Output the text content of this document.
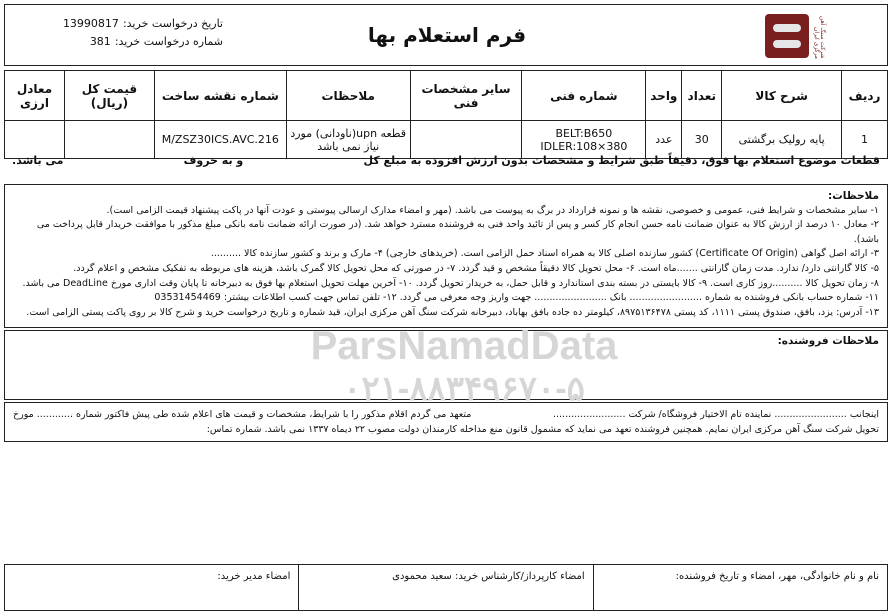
شرکت سنگ آهن مرکزی ایران
فرم استعلام بها
تاریخ درخواست خرید:
13990817
شماره درخواست خرید:
381
ردیف	شرح کالا	تعداد	واحد	شماره فنی	سایر مشخصات فنی	ملاحظات	شماره نقشه ساخت	قیمت کل (ریال)	معادل ارزی
1	پایه رولیک برگشتی	30	عدد	BELT:B650
IDLER:108×380		قطعه upn(ناودانی) مورد نیاز نمی باشد	M/ZSZ30‌ICS.AVC.216		
قطعات موضوع استعلام بها فوق، دقیقاً طبق شرایط و مشخصات بدون ارزش افزوده به مبلغ کل
و به حروف
می باشد.
ملاحظات:
۱- سایر مشخصات و شرایط فنی، عمومی و خصوصی، نقشه ها و نمونه قرارداد در برگ به پیوست می باشد. (مهر و امضاء مدارک ارسالی پیوستی و عودت آنها در پاکت پیشنهاد قیمت الزامی است).
۲- معادل ۱۰ درصد از ارزش کالا به عنوان ضمانت نامه حسن انجام کار کسر و پس از تائید واحد فنی به فروشنده مسترد خواهد شد. (در صورت ارائه ضمانت نامه بانکی مبلغ مذکور با موافقت خریدار قابل پرداخت می باشد).
۳- ارائه اصل گواهی (Certificate Of Origin) کشور سازنده اصلی کالا به همراه اسناد حمل الزامی است. (خریدهای خارجی) ۴- مارک و برند و کشور سازنده کالا ..........
۵- کالا گارانتی دارد/ ندارد. مدت زمان گارانتی .......ماه است. ۶- محل تحویل کالا دقیقاً مشخص و قید گردد. ۷- در صورتی که محل تحویل کالا گمرک باشد، هزینه های مربوطه به تفکیک مشخص و اعلام گردد.
۸- زمان تحویل کالا ..........روز کاری است. ۹- کالا بایستی در بسته بندی استاندارد و قابل حمل، به خریدار تحویل گردد. ۱۰- آخرین مهلت تحویل استعلام بها فوق به دبیرخانه تا پایان وقت اداری مورخ DeadLine می باشد.
۱۱- شماره حساب بانکی فروشنده به شماره ........................ بانک ........................ جهت واریز وجه معرفی می گردد. ۱۲- تلفن تماس جهت کسب اطلاعات بیشتر: 03531454469
۱۳- آدرس: یزد، بافق، صندوق پستی ۱۱۱۱، کد پستی ۸۹۷۵۱۳۶۴۷۸، کیلومتر ده جاده بافق بهاباد، دبیرخانه شرکت سنگ آهن مرکزی ایران، قید شماره و تاریخ درخواست خرید و شرح کالا بر روی پاکت پستی الزامی است.
ملاحظات فروشنده:
اینجانب ........................ نماینده تام الاختیار فروشگاه/ شرکت ........................
متعهد می گردم اقلام مذکور را با شرایط، مشخصات و قیمت های اعلام شده طی پیش فاکتور شماره ............ مورخ
تحویل شرکت سنگ آهن مرکزی ایران نمایم. همچنین فروشنده تعهد می نماید که مشمول قانون منع مداخله کارمندان دولت مصوب ۲۲ دیماه ۱۳۳۷ نمی باشد. شماره تماس:
نام و نام خانوادگی، مهر، امضاء و تاریخ فروشنده:
امضاء کارپرداز/کارشناس خرید: سعید محمودی
امضاء مدیر خرید:
ParsNamadData
۰۲۱-۸۸۳۴۹۶۷۰-۵
